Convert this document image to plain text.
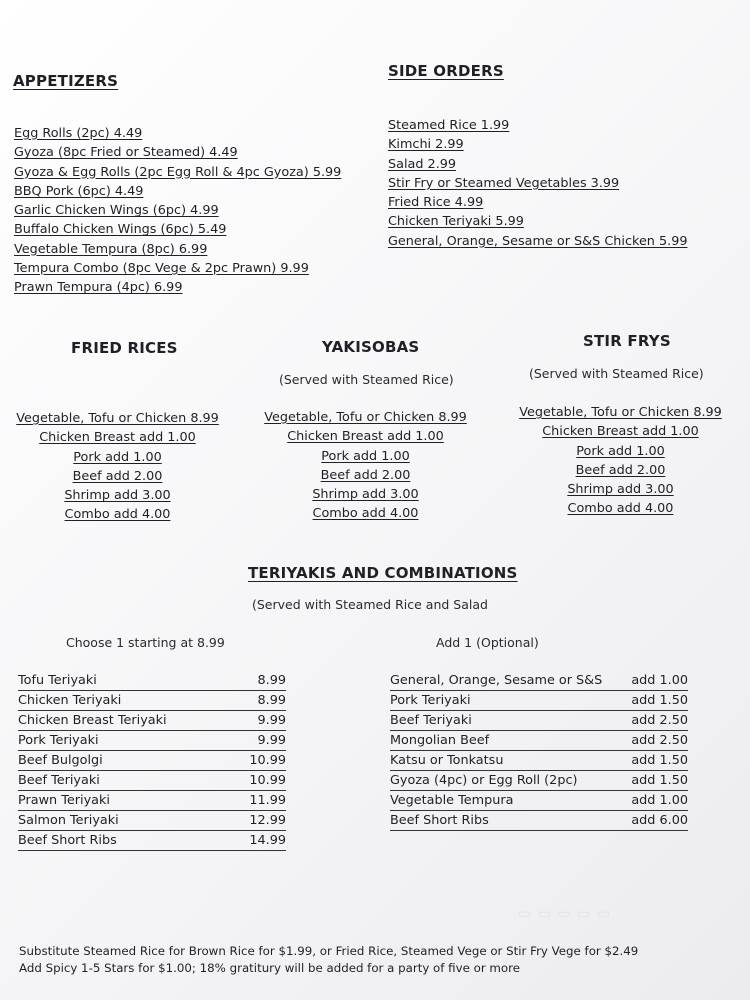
APPETIZERS
Egg Rolls (2pc) 4.49
Gyoza (8pc Fried or Steamed) 4.49
Gyoza & Egg Rolls (2pc Egg Roll & 4pc Gyoza) 5.99
BBQ Pork (6pc) 4.49
Garlic Chicken Wings (6pc) 4.99
Buffalo Chicken Wings (6pc) 5.49
Vegetable Tempura (8pc) 6.99
Tempura Combo (8pc Vege & 2pc Prawn) 9.99
Prawn Tempura (4pc) 6.99
SIDE ORDERS
Steamed Rice 1.99
Kimchi 2.99
Salad 2.99
Stir Fry or Steamed Vegetables 3.99
Fried Rice 4.99
Chicken Teriyaki 5.99
General, Orange, Sesame or S&S Chicken 5.99
FRIED RICES
Vegetable, Tofu or Chicken 8.99
Chicken Breast add 1.00
Pork add 1.00
Beef add 2.00
Shrimp add 3.00
Combo add 4.00
YAKISOBAS
(Served with Steamed Rice)
Vegetable, Tofu or Chicken 8.99
Chicken Breast add 1.00
Pork add 1.00
Beef add 2.00
Shrimp add 3.00
Combo add 4.00
STIR FRYS
(Served with Steamed Rice)
Vegetable, Tofu or Chicken 8.99
Chicken Breast add 1.00
Pork add 1.00
Beef add 2.00
Shrimp add 3.00
Combo add 4.00
TERIYAKIS AND COMBINATIONS
(Served with Steamed Rice and Salad
Choose 1 starting at 8.99	Add 1 (Optional)
Tofu Teriyaki	8.99
Chicken Teriyaki	8.99
Chicken Breast Teriyaki	9.99
Pork Teriyaki	9.99
Beef Bulgolgi	10.99
Beef Teriyaki	10.99
Prawn Teriyaki	11.99
Salmon Teriyaki	12.99
Beef Short Ribs	14.99
General, Orange, Sesame or S&S add 1.00
Pork Teriyaki	add 1.50
Beef Teriyaki	add 2.50
Mongolian Beef	add 2.50
Katsu or Tonkatsu	add 1.50
Gyoza (4pc) or Egg Roll (2pc)	add 1.50
Vegetable Tempura	add 1.00
Beef Short Ribs	add 6.00
▭ ▭ ▭ ▭ ▭
Substitute Steamed Rice for Brown Rice for $1.99, or Fried Rice, Steamed Vege or Stir Fry Vege for $2.49
Add Spicy 1-5 Stars for $1.00; 18% gratitury will be added for a party of five or more
